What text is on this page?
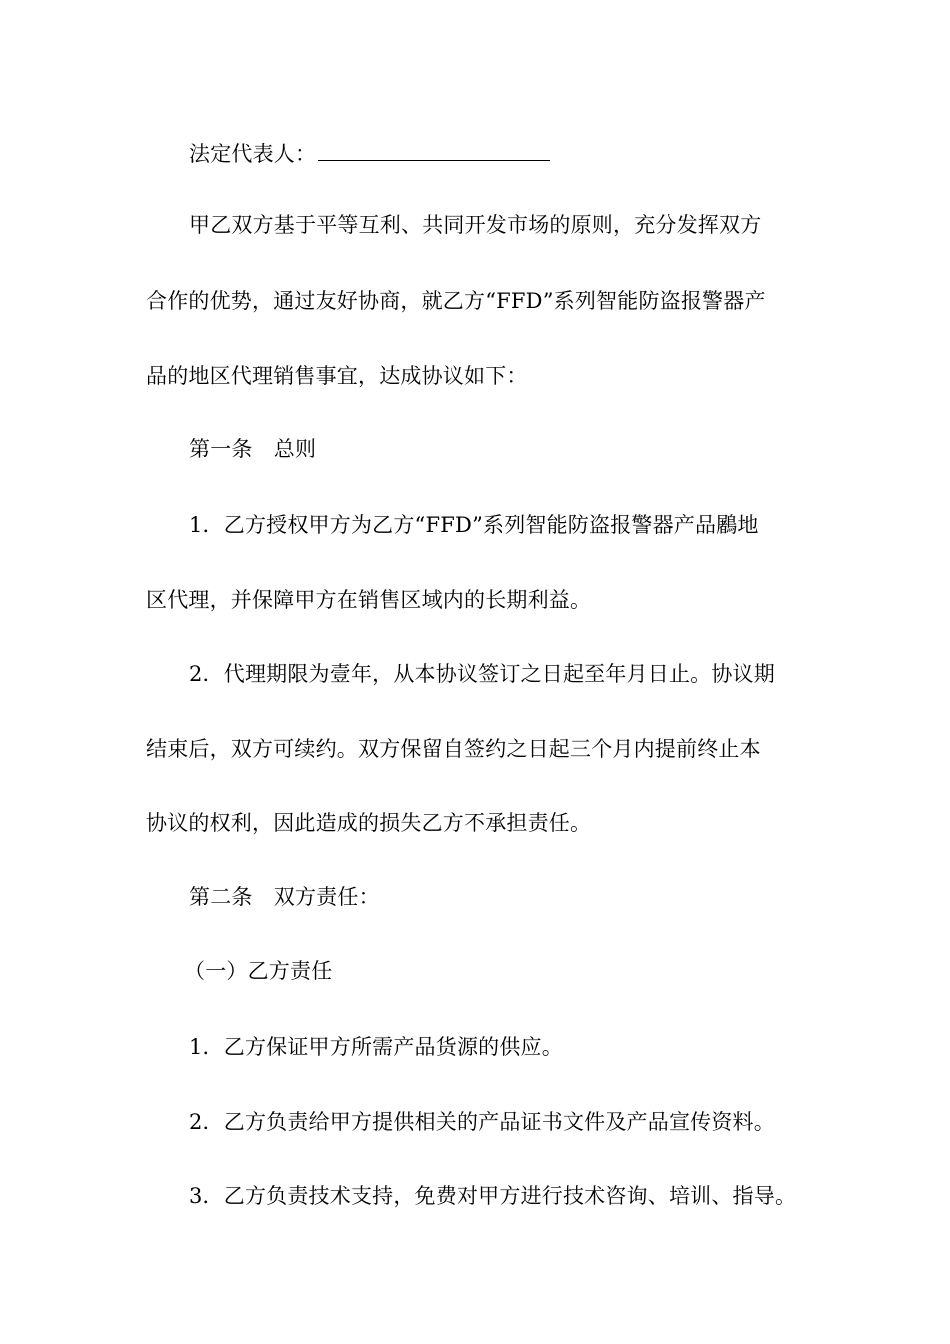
法定代表人：
甲乙双方基于平等互利、共同开发市场的原则，充分发挥双方
合作的优势，通过友好协商，就乙方“FFD”系列智能防盗报警器产
品的地区代理销售事宜，达成协议如下：
第一条　总则
1．乙方授权甲方为乙方“FFD”系列智能防盗报警器产品鷵地
区代理，并保障甲方在销售区域内的长期利益。
2．代理期限为壹年，从本协议签订之日起至年月日止。协议期
结束后，双方可续约。双方保留自签约之日起三个月内提前终止本
协议的权利，因此造成的损失乙方不承担责任。
第二条　双方责任：
（一）乙方责任
1．乙方保证甲方所需产品货源的供应。
2．乙方负责给甲方提供相关的产品证书文件及产品宣传资料。
3．乙方负责技术支持，免费对甲方进行技术咨询、培训、指导。
